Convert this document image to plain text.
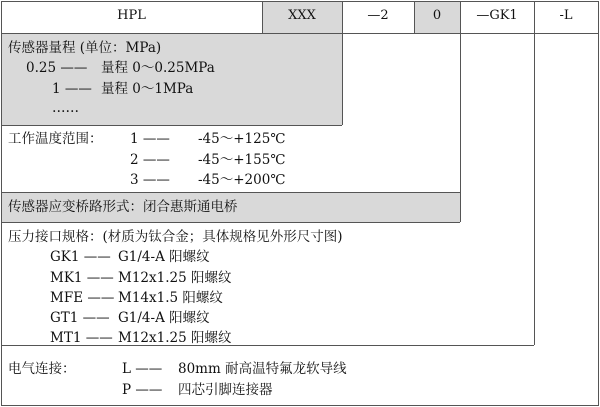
HPL	XXX	—2	0	—GK1	-L
传感器量程 (单位：MPa)
0.25 —— 量程 0～0.25MPa
1 —— 量程 0～1MPa
……
工作温度范围： 1 —— -45～+125℃
2 —— -45～+155℃
3 —— -45～+200℃
传感器应变桥路形式：闭合惠斯通电桥
压力接口规格：(材质为钛合金；具体规格见外形尺寸图)
GK1 —— G1/4-A 阳螺纹
MK1 —— M12x1.25 阳螺纹
MFE —— M14x1.5 阳螺纹
GT1 —— G1/4-A 阳螺纹
MT1 —— M12x1.25 阳螺纹
电气连接：	L —— 80mm 耐高温特氟龙软导线
P —— 四芯引脚连接器
